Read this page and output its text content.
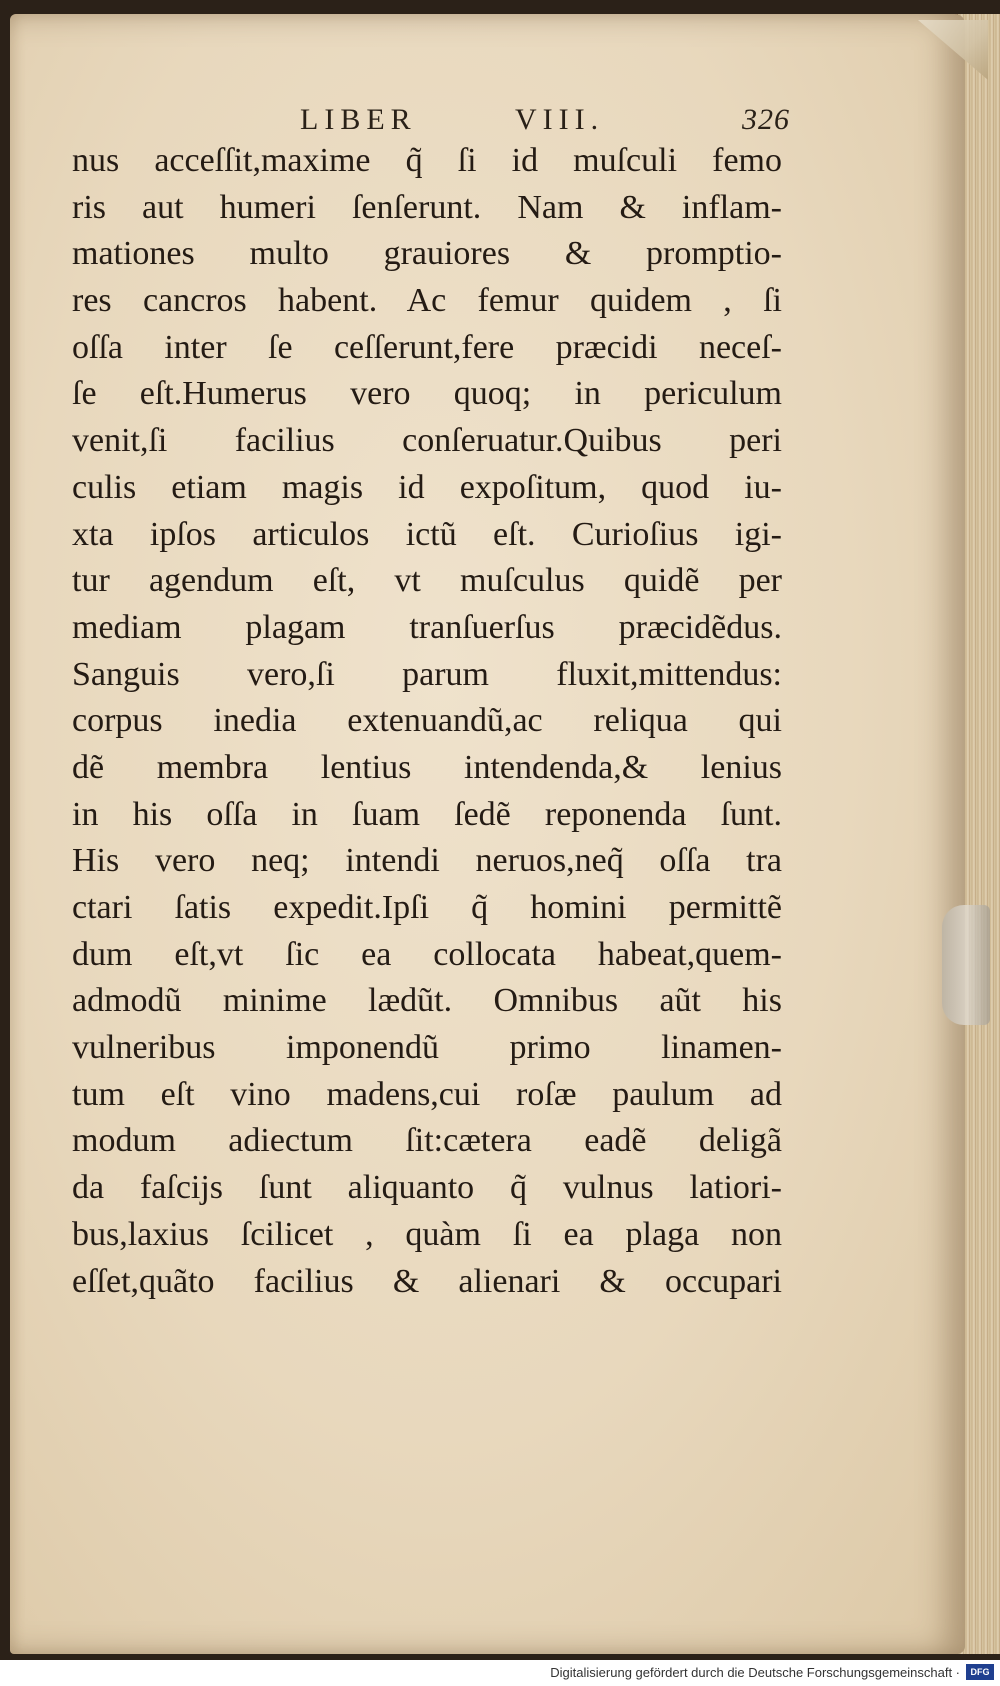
LIBER	VIII.	326
nus acceſſit,maxime q̃ ſi id muſculi femo
ris aut humeri ſenſerunt. Nam & inflam-
mationes multo grauiores & promptio-
res cancros habent. Ac femur quidem , ſi
oſſa inter ſe ceſſerunt,fere præcidi neceſ-
ſe eſt.Humerus vero quoq; in periculum
venit,ſi facilius conſeruatur.Quibus peri
culis etiam magis id expoſitum, quod iu-
xta ipſos articulos ictũ eſt. Curioſius igi-
tur agendum eſt, vt muſculus quidẽ per
mediam plagam tranſuerſus præcidẽdus.
Sanguis vero,ſi parum fluxit,mittendus:
corpus inedia extenuandũ,ac reliqua qui
dẽ membra lentius intendenda,& lenius
in his oſſa in ſuam ſedẽ reponenda ſunt.
His vero neq; intendi neruos,neq̃ oſſa tra
ctari ſatis expedit.Ipſi q̃ homini permittẽ
dum eſt,vt ſic ea collocata habeat,quem-
admodũ minime lædũt. Omnibus aũt his
vulneribus imponendũ primo linamen-
tum eſt vino madens,cui roſæ paulum ad
modum adiectum ſit:cætera eadẽ deligã
da faſcijs ſunt aliquanto q̃ vulnus latiori-
bus,laxius ſcilicet , quàm ſi ea plaga non
eſſet,quãto facilius & alienari & occupari
Digitalisierung gefördert durch die Deutsche Forschungsgemeinschaft ·	DFG
